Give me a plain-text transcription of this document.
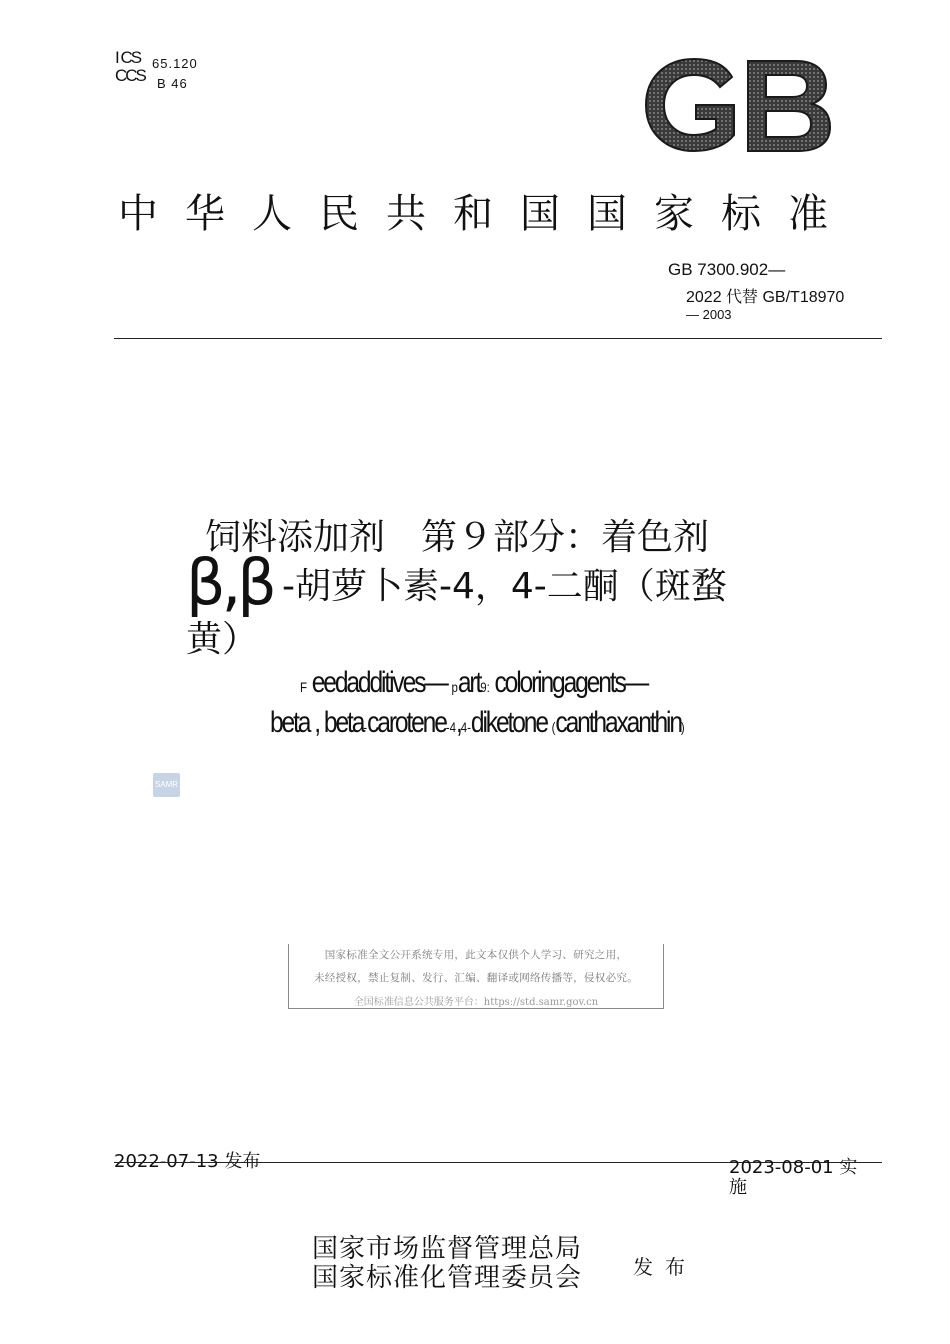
I CS 65.120
CCS B 46
中华人民共和国国家标准
GB 7300.902—
2022 代替 GB/T18970
— 2003
饲料添加剂　第９部分：着色剂
β,β -胡萝卜素-4，4-二酮（斑蝥
黄）
F eedadditives— part9: coloringagents—
beta , beta-carotene-4,4-diketone (canthaxanthin)
SAMR

国家标准全文公开系统专用，此文本仅供个人学习、研究之用，

未经授权，禁止复制、发行、汇编、翻译或网络传播等，侵权必究。

全国标准信息公共服务平台：https://std.samr.gov.cn

2022-07-13 发布	2023-08-01 实
施
国家市场监督管理总局
国家标准化管理委员会	发布
